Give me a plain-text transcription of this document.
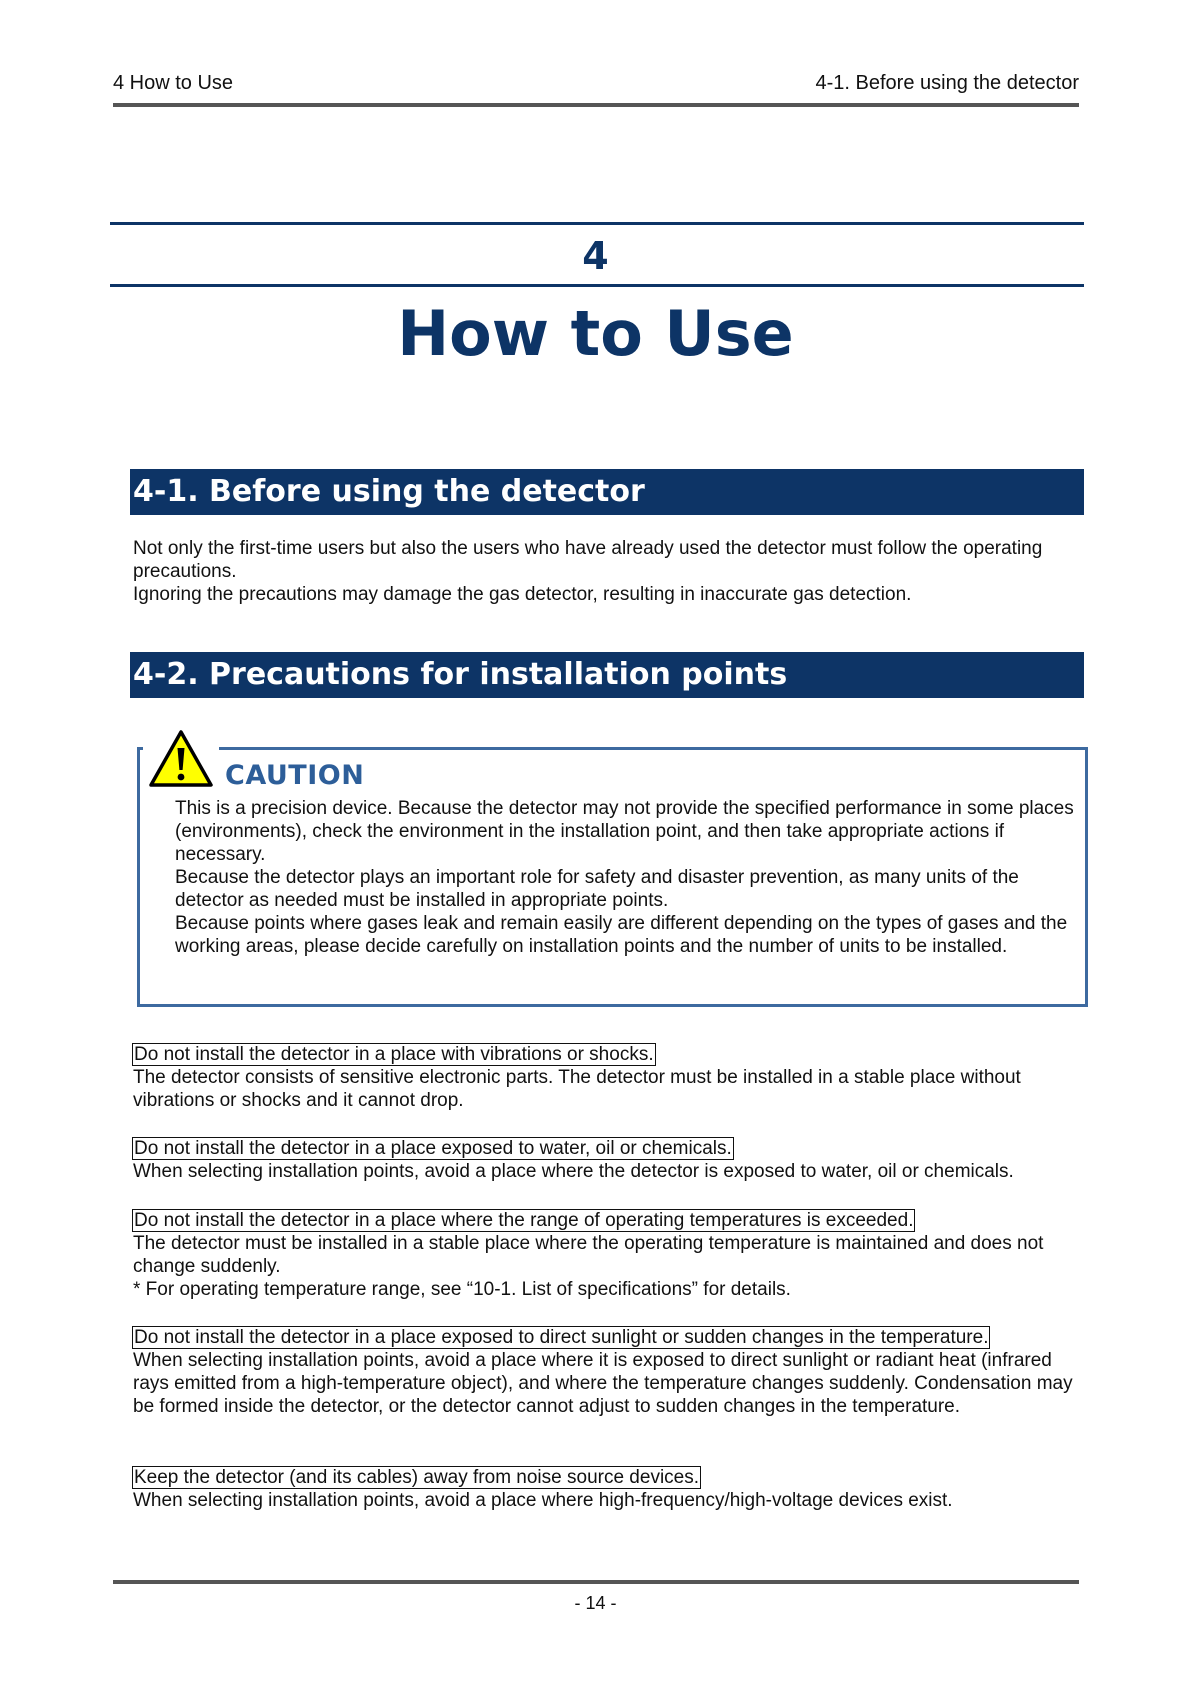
4 How to Use	4-1. Before using the detector
4
How to Use
4-1. Before using the detector

Not only the first-time users but also the users who have already used the detector must follow the operating precautions.

Ignoring the precautions may damage the gas detector, resulting in inaccurate gas detection.

4-2. Precautions for installation points
CAUTION

This is a precision device. Because the detector may not provide the specified performance in some places (environments), check the environment in the installation point, and then take appropriate actions if necessary.

Because the detector plays an important role for safety and disaster prevention, as many units of the detector as needed must be installed in appropriate points.

Because points where gases leak and remain easily are different depending on the types of gases and the working areas, please decide carefully on installation points and the number of units to be installed.

Do not install the detector in a place with vibrations or shocks.

The detector consists of sensitive electronic parts. The detector must be installed in a stable place without vibrations or shocks and it cannot drop.

Do not install the detector in a place exposed to water, oil or chemicals.

When selecting installation points, avoid a place where the detector is exposed to water, oil or chemicals.

Do not install the detector in a place where the range of operating temperatures is exceeded.

The detector must be installed in a stable place where the operating temperature is maintained and does not change suddenly.

* For operating temperature range, see “10-1. List of specifications” for details.

Do not install the detector in a place exposed to direct sunlight or sudden changes in the temperature.

When selecting installation points, avoid a place where it is exposed to direct sunlight or radiant heat (infrared rays emitted from a high-temperature object), and where the temperature changes suddenly. Condensation may be formed inside the detector, or the detector cannot adjust to sudden changes in the temperature.

Keep the detector (and its cables) away from noise source devices.

When selecting installation points, avoid a place where high-frequency/high-voltage devices exist.

- 14 -
